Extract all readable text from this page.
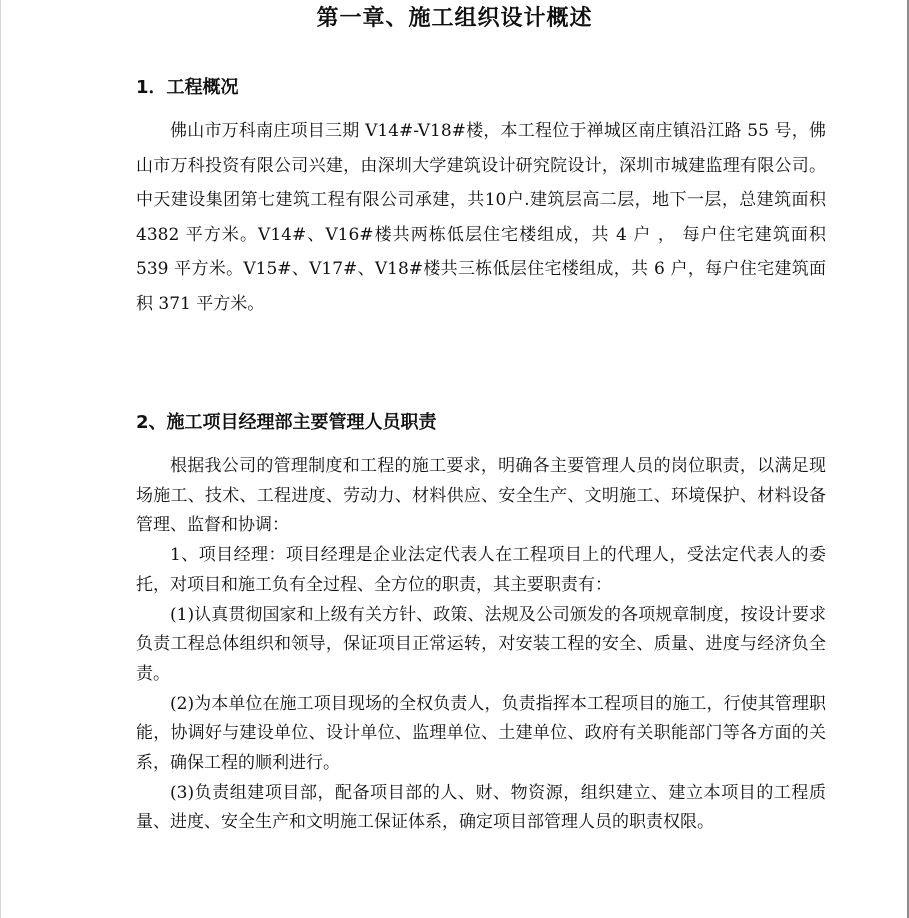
第一章、施工组织设计概述
1．工程概况

佛山市万科南庄项目三期 V14#-V18#楼，本工程位于禅城区南庄镇沿江路 55 号，佛山市万科投资有限公司兴建，由深圳大学建筑设计研究院设计，深圳市城建监理有限公司。中天建设集团第七建筑工程有限公司承建，共10户.建筑层高二层，地下一层，总建筑面积 4382 平方米。V14#、V16#楼共两栋低层住宅楼组成，共 4 户 ， 每户住宅建筑面积 539 平方米。V15#、V17#、V18#楼共三栋低层住宅楼组成，共 6 户，每户住宅建筑面积 371 平方米。

2、施工项目经理部主要管理人员职责

根据我公司的管理制度和工程的施工要求，明确各主要管理人员的岗位职责，以满足现场施工、技术、工程进度、劳动力、材料供应、安全生产、文明施工、环境保护、材料设备管理、监督和协调：

1、项目经理：项目经理是企业法定代表人在工程项目上的代理人，受法定代表人的委托，对项目和施工负有全过程、全方位的职责，其主要职责有：

(1)认真贯彻国家和上级有关方针、政策、法规及公司颁发的各项规章制度，按设计要求负责工程总体组织和领导，保证项目正常运转，对安装工程的安全、质量、进度与经济负全责。

(2)为本单位在施工项目现场的全权负责人，负责指挥本工程项目的施工，行使其管理职能，协调好与建设单位、设计单位、监理单位、土建单位、政府有关职能部门等各方面的关系，确保工程的顺利进行。

(3)负责组建项目部，配备项目部的人、财、物资源，组织建立、建立本项目的工程质量、进度、安全生产和文明施工保证体系，确定项目部管理人员的职责权限。
